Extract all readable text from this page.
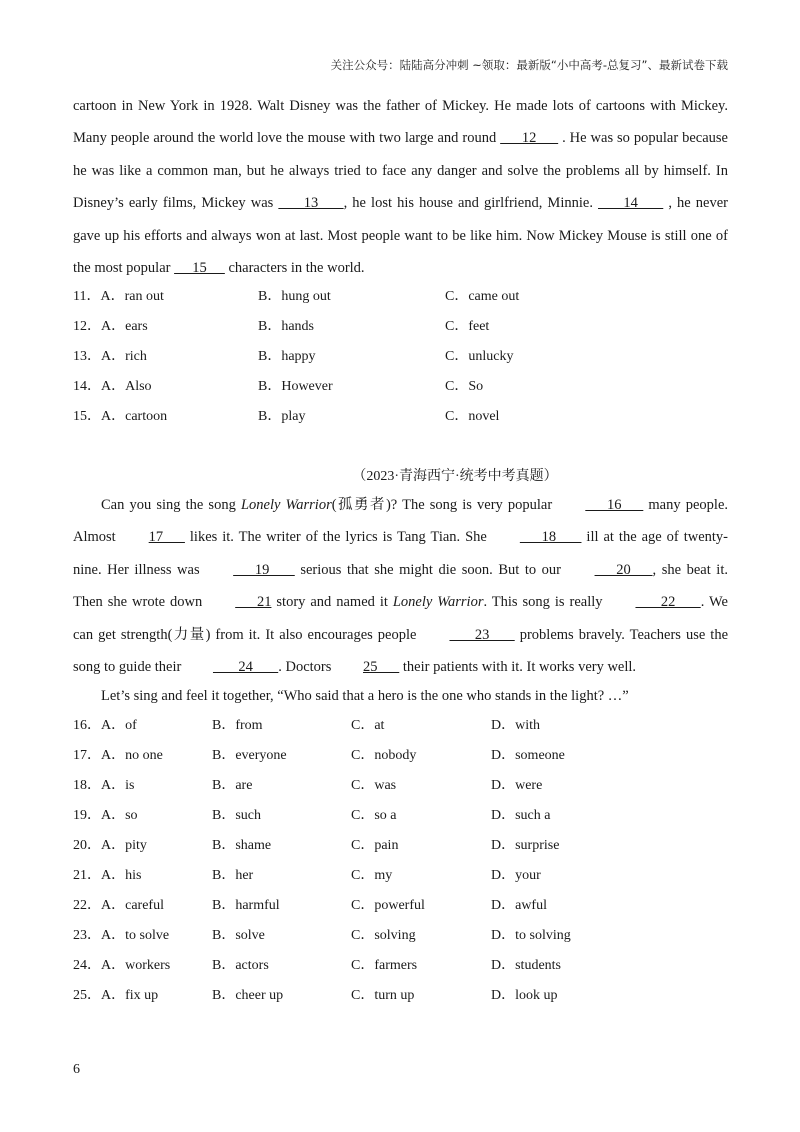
关注公众号：陆陆高分冲刺 ~领取：最新版“小中高考-总复习”、最新试卷下载

cartoon in New York in 1928. Walt Disney was the father of Mickey. He made lots of cartoons with Mickey. Many people around the world love the mouse with two large and round       12       . He was so popular because he was like a common man, but he always tried to face any danger and solve the problems all by himself. In Disney’s early films, Mickey was        13       , he lost his house and girlfriend, Minnie.        14        , he never gave up his efforts and always won at last. Most people want to be like him. Now Mickey Mouse is still one of the most popular      15      characters in the world.

11．A．ran out	B．hung out	C．came out
12．A．ears	B．hands	C．feet
13．A．rich	B．happy	C．unlucky
14．A．Also	B．However	C．So
15．A．cartoon	B．play	C．novel
（2023·青海西宁·统考中考真题）

Can you sing the song Lonely Warrior(孤勇者)? The song is very popular       16       many people. Almost 17       likes it. The writer of the lyrics is Tang Tian. She       18        ill at the age of twenty-nine. Her illness was       19        serious that she might die soon. But to our       20      , she beat it. Then she wrote down       21 story and named it Lonely Warrior. This song is really        22       . We can get strength(力量) from it. It also encourages people        23        problems bravely. Teachers use the song to guide their        24       . Doctors 25       their patients with it. It works very well.

Let’s sing and feel it together, “Who said that a hero is the one who stands in the light? …”

16．A．of	B．from	C．at	D．with
17．A．no one	B．everyone	C．nobody	D．someone
18．A．is	B．are	C．was	D．were
19．A．so	B．such	C．so a	D．such a
20．A．pity	B．shame	C．pain	D．surprise
21．A．his	B．her	C．my	D．your
22．A．careful	B．harmful	C．powerful	D．awful
23．A．to solve	B．solve	C．solving	D．to solving
24．A．workers	B．actors	C．farmers	D．students
25．A．fix up	B．cheer up	C．turn up	D．look up
6
